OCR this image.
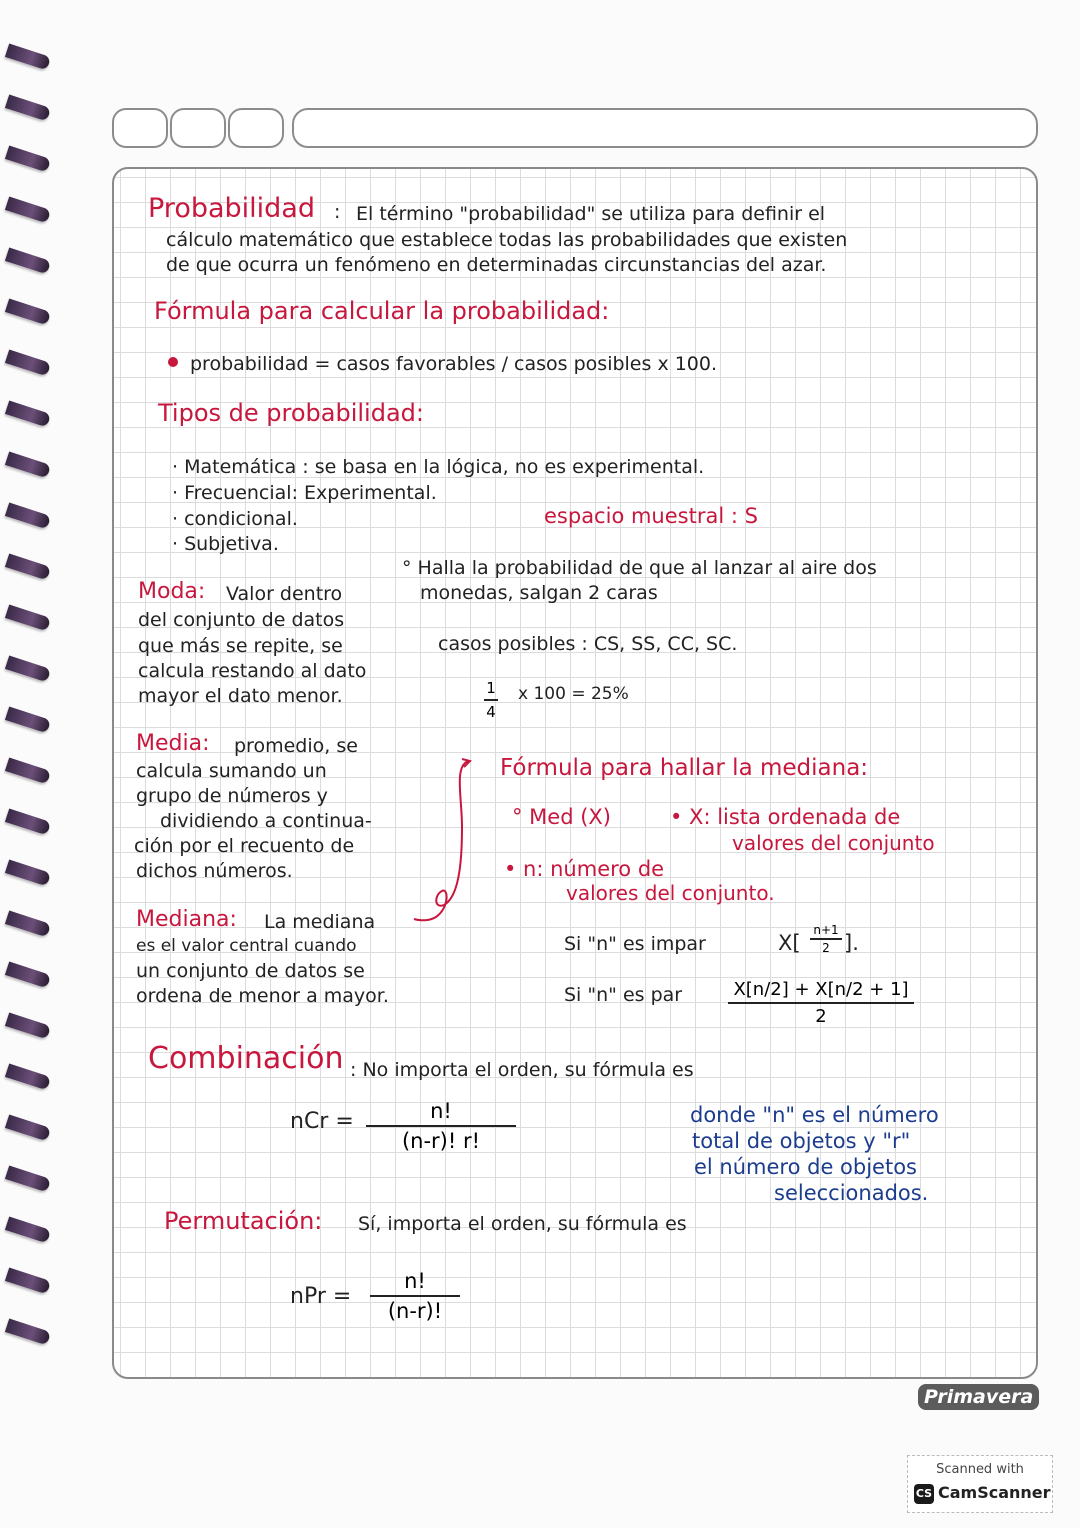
Probabilidad : El término "probabilidad" se utiliza para definir el
cálculo matemático que establece todas las probabilidades que existen
de que ocurra un fenómeno en determinadas circunstancias del azar.
Fórmula para calcular la probabilidad:
probabilidad = casos favorables / casos posibles x 100.
Tipos de probabilidad:
· Matemática : se basa en la lógica, no es experimental.
· Frecuencial: Experimental.
· condicional.
· Subjetiva.
espacio muestral : S
° Halla la probabilidad de que al lanzar al aire dos
monedas, salgan 2 caras
casos posibles : CS, SS, CC, SC.
1
4
x 100 = 25%
Moda: Valor dentro
del conjunto de datos
que más se repite, se
calcula restando al dato
mayor el dato menor.
Media: promedio, se
calcula sumando un
grupo de números y
dividiendo a continua-
ción por el recuento de
dichos números.
Mediana: La mediana
es el valor central cuando
un conjunto de datos se
ordena de menor a mayor.
Fórmula para hallar la mediana:
° Med (X)	• X: lista ordenada de
valores del conjunto
• n: número de
valores del conjunto.
Si "n" es impar	X[
n+1
2 ].
Si "n" es par	X[n/2] + X[n/2 + 1]
2
Combinación : No importa el orden, su fórmula es
nCr =	n!
(n-r)! r!
donde "n" es el número
total de objetos y "r"
el número de objetos
seleccionados.
Permutación: Sí, importa el orden, su fórmula es
nPr =
n!
(n-r)!
Primavera
Scanned with
CS CamScanner
